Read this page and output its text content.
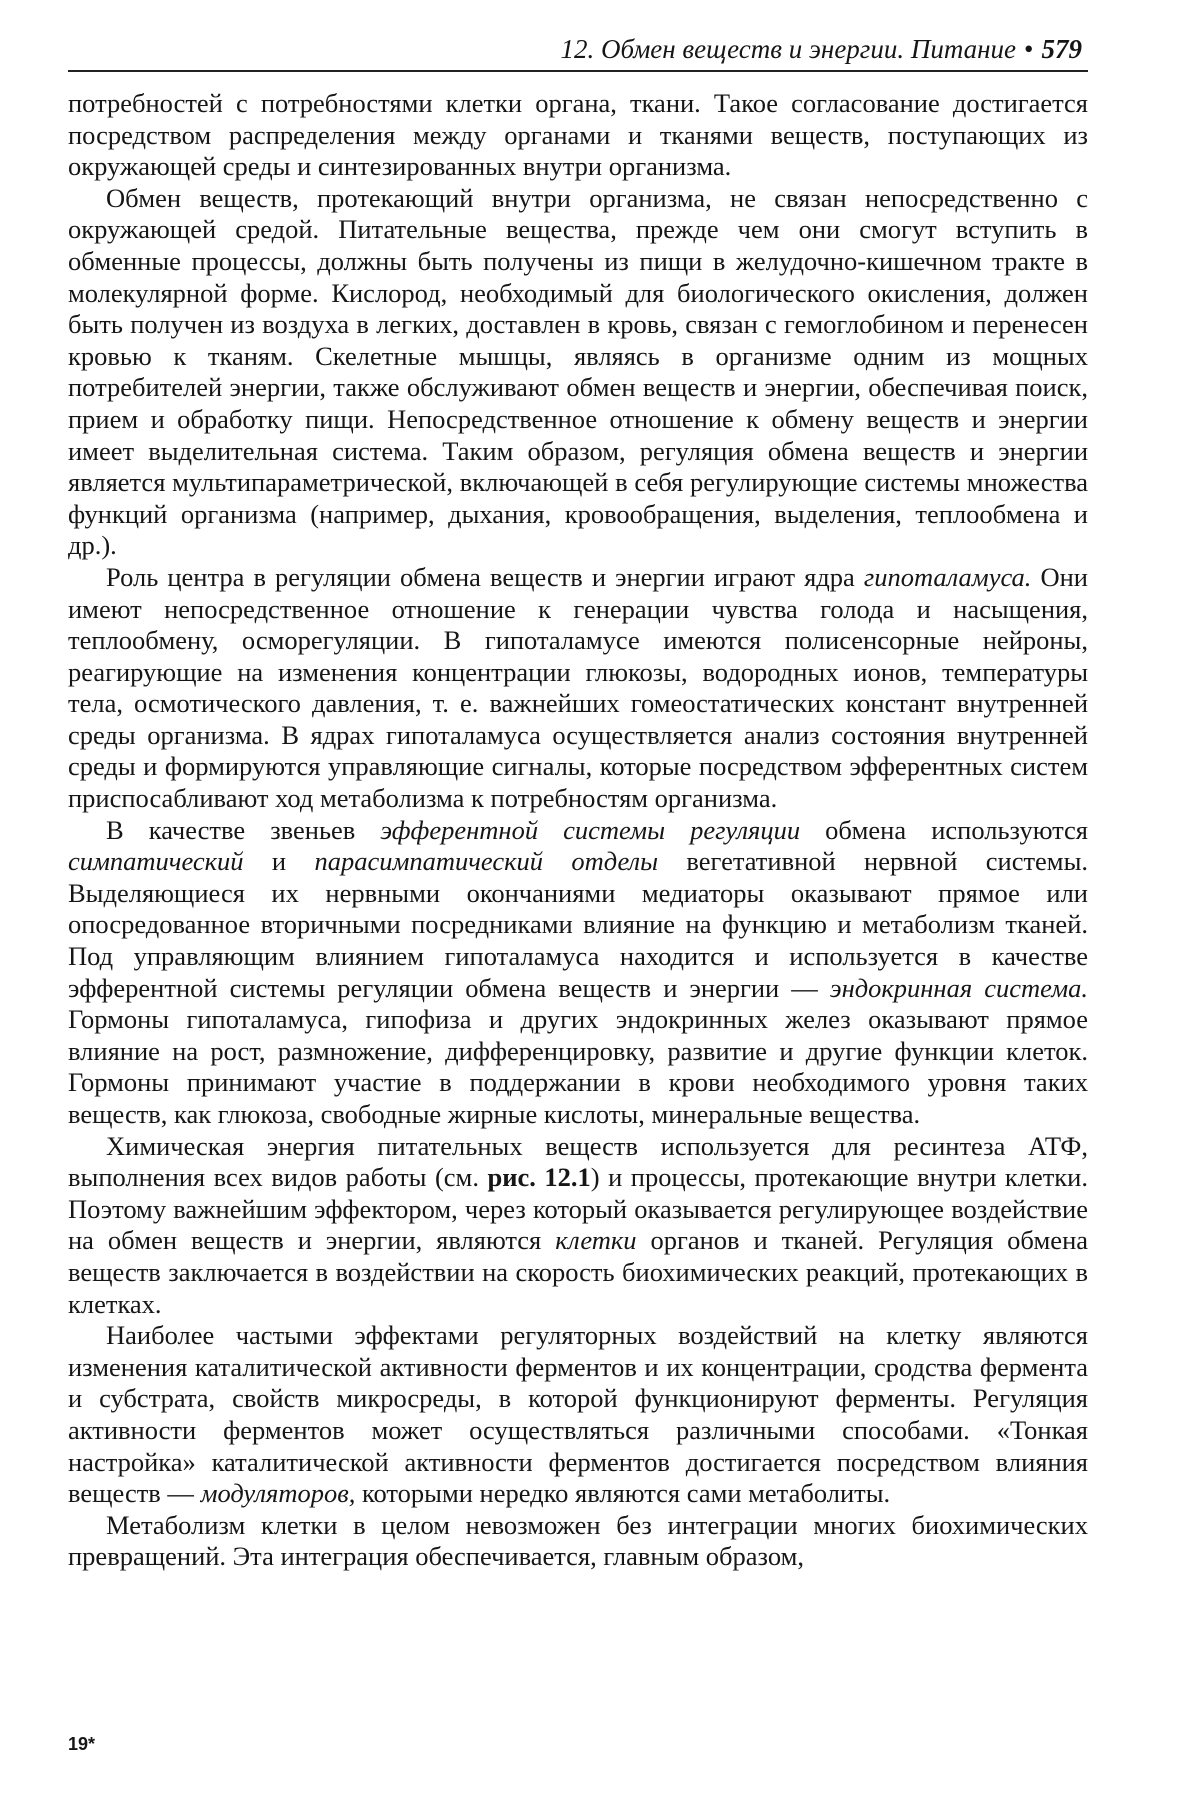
12. Обмен веществ и энергии. Питание • 579

потребностей с потребностями клетки органа, ткани. Такое согласование достигается посредством распределения между органами и тканями веществ, поступающих из окружающей среды и синтезированных внутри организма.

Обмен веществ, протекающий внутри организма, не связан непосредственно с окружающей средой. Питательные вещества, прежде чем они смогут вступить в обменные процессы, должны быть получены из пищи в желудочно-кишечном тракте в молекулярной форме. Кислород, необходимый для биологического окисления, должен быть получен из воздуха в легких, доставлен в кровь, связан с гемоглобином и перенесен кровью к тканям. Скелетные мышцы, являясь в организме одним из мощных потребителей энергии, также обслуживают обмен веществ и энергии, обеспечивая поиск, прием и обработку пищи. Непосредственное отношение к обмену веществ и энергии имеет выделительная система. Таким образом, регуляция обмена веществ и энергии является мультипараметрической, включающей в себя регулирующие системы множества функций организма (например, дыхания, кровообращения, выделения, теплообмена и др.).

Роль центра в регуляции обмена веществ и энергии играют ядра гипоталамуса. Они имеют непосредственное отношение к генерации чувства голода и насыщения, теплообмену, осморегуляции. В гипоталамусе имеются полисенсорные нейроны, реагирующие на изменения концентрации глюкозы, водородных ионов, температуры тела, осмотического давления, т. е. важнейших гомеостатических констант внутренней среды организма. В ядрах гипоталамуса осуществляется анализ состояния внутренней среды и формируются управляющие сигналы, которые посредством эфферентных систем приспосабливают ход метаболизма к потребностям организма.

В качестве звеньев эфферентной системы регуляции обмена используются симпатический и парасимпатический отделы вегетативной нервной системы. Выделяющиеся их нервными окончаниями медиаторы оказывают прямое или опосредованное вторичными посредниками влияние на функцию и метаболизм тканей. Под управляющим влиянием гипоталамуса находится и используется в качестве эфферентной системы регуляции обмена веществ и энергии — эндокринная система. Гормоны гипоталамуса, гипофиза и других эндокринных желез оказывают прямое влияние на рост, размножение, дифференцировку, развитие и другие функции клеток. Гормоны принимают участие в поддержании в крови необходимого уровня таких веществ, как глюкоза, свободные жирные кислоты, минеральные вещества.

Химическая энергия питательных веществ используется для ресинтеза АТФ, выполнения всех видов работы (см. рис. 12.1) и процессы, протекающие внутри клетки. Поэтому важнейшим эффектором, через который оказывается регулирующее воздействие на обмен веществ и энергии, являются клетки органов и тканей. Регуляция обмена веществ заключается в воздействии на скорость биохимических реакций, протекающих в клетках.

Наиболее частыми эффектами регуляторных воздействий на клетку являются изменения каталитической активности ферментов и их концентрации, сродства фермента и субстрата, свойств микросреды, в которой функционируют ферменты. Регуляция активности ферментов может осуществляться различными способами. «Тонкая настройка» каталитической активности ферментов достигается посредством влияния веществ — модуляторов, которыми нередко являются сами метаболиты.

Метаболизм клетки в целом невозможен без интеграции многих биохимических превращений. Эта интеграция обеспечивается, главным образом,

19*
